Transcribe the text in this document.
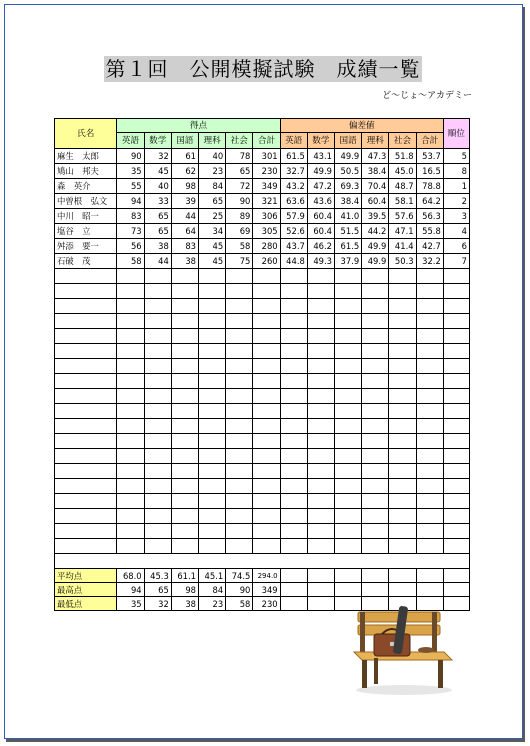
第１回　公開模擬試験　成績一覧
ど～じょ～アカデミー
氏名	得点						偏差値						順位
	英語	数学	国語	理科	社会	合計	英語	数学	国語	理科	社会	合計	
麻生　太郎	90	32	61	40	78	301	61.5	43.1	49.9	47.3	51.8	53.7	5
鳩山　邦夫	35	45	62	23	65	230	32.7	49.9	50.5	38.4	45.0	16.5	8
森　英介	55	40	98	84	72	349	43.2	47.2	69.3	70.4	48.7	78.8	1
中曽根　弘文	94	33	39	65	90	321	63.6	43.6	38.4	60.4	58.1	64.2	2
中川　昭一	83	65	44	25	89	306	57.9	60.4	41.0	39.5	57.6	56.3	3
塩谷　立	73	65	64	34	69	305	52.6	60.4	51.5	44.2	47.1	55.8	4
舛添　要一	56	38	83	45	58	280	43.7	46.2	61.5	49.9	41.4	42.7	6
石破　茂	58	44	38	45	75	260	44.8	49.3	37.9	49.9	50.3	32.2	7

平均点	68.0	45.3	61.1	45.1	74.5	294.0							
最高点	94	65	98	84	90	349							
最低点	35	32	38	23	58	230							
